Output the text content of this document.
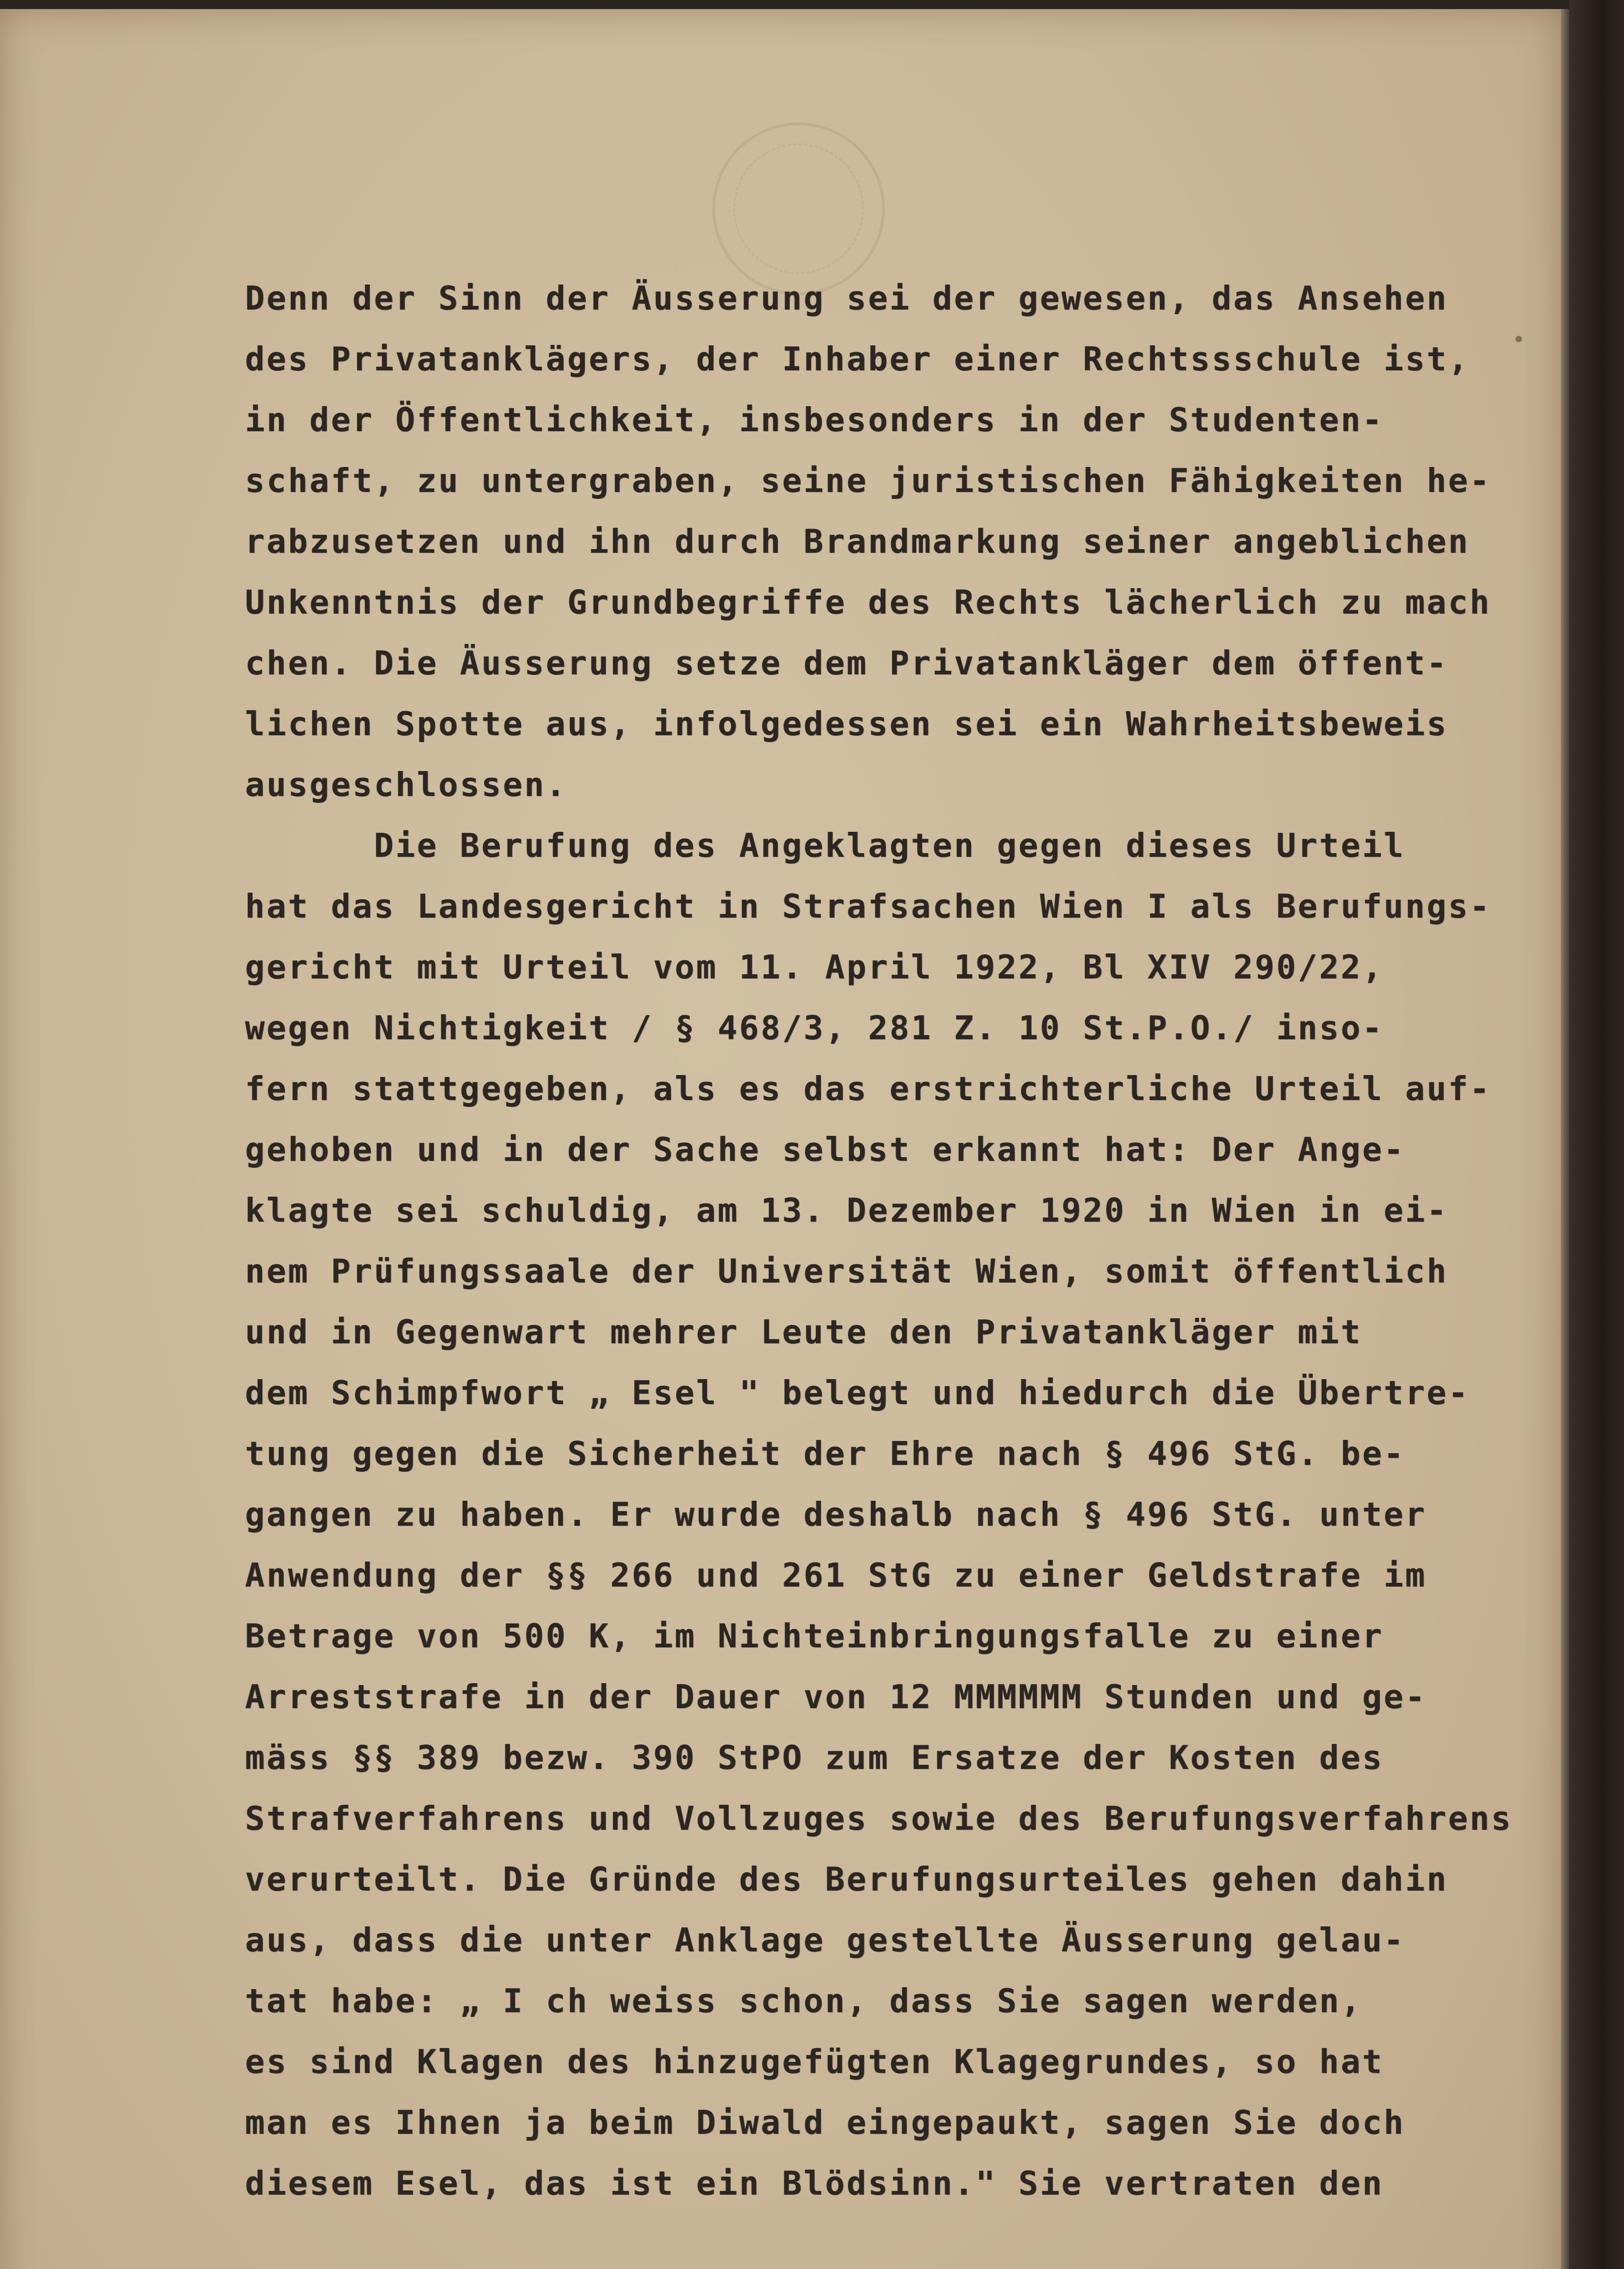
Denn der Sinn der Äusserung sei der gewesen, das Ansehen
des Privatanklägers, der Inhaber einer Rechtssschule ist,
in der Öffentlichkeit, insbesonders in der Studenten-
schaft, zu untergraben, seine juristischen Fähigkeiten he-
rabzusetzen und ihn durch Brandmarkung seiner angeblichen
Unkenntnis der Grundbegriffe des Rechts lächerlich zu mach
chen. Die Äusserung setze dem Privatankläger dem öffent-
lichen Spotte aus, infolgedessen sei ein Wahrheitsbeweis
ausgeschlossen.
Die Berufung des Angeklagten gegen dieses Urteil
hat das Landesgericht in Strafsachen Wien I als Berufungs-
gericht mit Urteil vom 11. April 1922, Bl XIV 290/22,
wegen Nichtigkeit / § 468/3, 281 Z. 10 St.P.O./ inso-
fern stattgegeben, als es das erstrichterliche Urteil auf-
gehoben und in der Sache selbst erkannt hat: Der Ange-
klagte sei schuldig, am 13. Dezember 1920 in Wien in ei-
nem Prüfungssaale der Universität Wien, somit öffentlich
und in Gegenwart mehrer Leute den Privatankläger mit
dem Schimpfwort „ Esel " belegt und hiedurch die Übertre-
tung gegen die Sicherheit der Ehre nach § 496 StG. be-
gangen zu haben. Er wurde deshalb nach § 496 StG. unter
Anwendung der §§ 266 und 261 StG zu einer Geldstrafe im
Betrage von 500 K, im Nichteinbringungsfalle zu einer
Arreststrafe in der Dauer von 12 MMMMMM Stunden und ge-
mäss §§ 389 bezw. 390 StPO zum Ersatze der Kosten des
Strafverfahrens und Vollzuges sowie des Berufungsverfahrens
verurteilt. Die Gründe des Berufungsurteiles gehen dahin
aus, dass die unter Anklage gestellte Äusserung gelau-
tat habe: „ I ch weiss schon, dass Sie sagen werden,
es sind Klagen des hinzugefügten Klagegrundes, so hat
man es Ihnen ja beim Diwald eingepaukt, sagen Sie doch
diesem Esel, das ist ein Blödsinn." Sie vertraten den
